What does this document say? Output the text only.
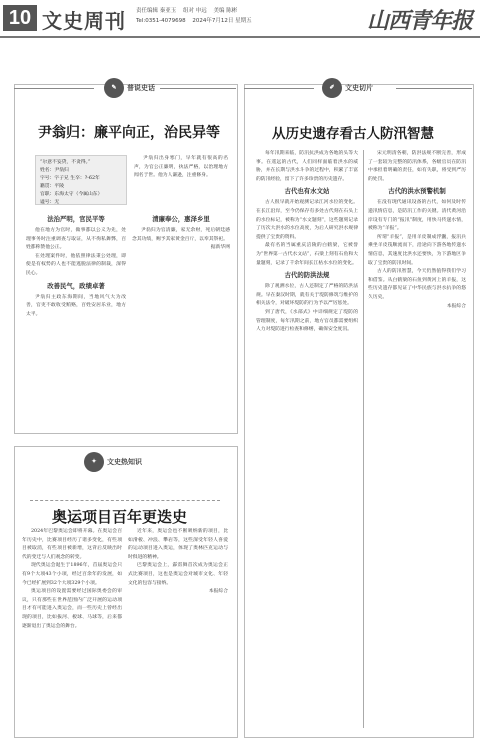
10 文史周刊 责任编辑 秦亚玉 组对 申远 美编 陈彬
Tel:0351-4079698 2024年7月12日 星期五	山西青年报
✎	普说史话
尹翁归：廉平向正，治民异等
“尔意不妄贷，不贪得。”
姓名：尹翁归
字号：字子兄 生卒：?-62年
籍贯：平陵
官职：东海太守（今属山东）
谥号：无

尹翁归出身寒门，早年就有很高的名声，为官公正廉明，执法严格，以治理地方闻名于世。他为人谦逊，注重修身。

法治严明，官民平等

他在地方为官时，做事都以公义为先，处理事务时注重调查与取证，从不徇私舞弊，百姓都称赞他公正。

在处理案件时，他依照律法秉公处理，即使是有权势的人也不能逃脱法律的制裁，深得民心。

改善民气，政绩卓著

尹翁归主政东海期间，当地风气大为改善，官吏不敢收受贿赂，百姓安居乐业，地方太平。

清廉奉公，惠泽乡里

尹翁归为官清廉，家无余财，死后朝廷感念其功绩，赐予其家黄金百斤，以奉其祭祀。

据新华网
✦	文史热知识
奥运项目百年更迭史

2024年巴黎奥运会即将开幕。在奥运会百年历史中，比赛项目经历了诸多变化，有些项目被取消，有些项目被新增，这背后反映出时代的变迁与人们观念的转变。

现代奥运会诞生于1896年，首届奥运会只有9个大项43个小项，经过百余年的发展，如今已经扩展到32个大项329个小项。

奥运项目的设置需要经过国际奥委会的审议，只有那些在世界范围内广泛开展的运动项目才有可能进入奥运会，而一些历史上曾经出现的项目，比如拔河、板球、马球等，后来都逐渐退出了奥运会的舞台。

近年来，奥运会也不断吸纳新的项目，比如滑板、冲浪、攀岩等，这些深受年轻人喜爱的运动项目进入奥运，体现了奥林匹克运动与时俱进的精神。

巴黎奥运会上，霹雳舞首次成为奥运会正式比赛项目，这也是奥运会对城市文化、年轻文化的包容与接纳。

本报综合
✐	文史切片
从历史遗存看古人防汛智慧

每年汛期来临，防汛抗洪成为各地的头等大事。在遥远的古代，人们同样面临着洪水的威胁，并在长期与洪水斗争的过程中，积累了丰富的防汛经验，留下了许多珍贵的历史遗存。

古代也有水文站

古人很早就开始观测记录江河水位的变化。在长江沿岸，至今仍保存有多处古代刻在石头上的水位标记，被称为“水文题刻”，这些题刻记录了历次大洪水的水位高度，为后人研究洪水规律提供了宝贵的资料。

最有名的当属重庆涪陵的白鹤梁，它被誉为“世界第一古代水文站”，石梁上刻有石鱼和大量题刻，记录了千余年间长江枯水水位的变化。

古代的防洪法规

除了观测水位，古人还制定了严格的防洪法规。早在秦汉时期，就有关于堤防修筑与维护的相关法令，对破坏堤防的行为予以严厉惩处。

到了唐代，《水部式》中详细规定了堤防的管理制度，每年汛期之前，地方官员都需要组织人力对堤防进行检查和修缮，确保安全度汛。

宋元明清各朝，防洪法规不断完善，形成了一套较为完整的防汛体系，各级官员在防汛中承担着明确的责任，如有失职，将受到严厉的处罚。

古代的洪水预警机制

在没有现代通讯设备的古代，如何及时传递汛情信息，是防汛工作的关键。清代黄河沿岸设有专门的“报汛”制度，用快马传递水情，被称为“羊报”。

所谓“羊报”，是用羊皮制成浮囊，报汛兵乘坐羊皮筏顺流而下，沿途向下游各地传递水情信息，其速度比洪水还要快，为下游地区争取了宝贵的防汛时间。

古人的防汛智慧，今天仍然值得我们学习和借鉴。从白鹤梁的石鱼到黄河上的羊报，这些历史遗存都见证了中华民族与洪水抗争的悠久历史。

本报综合
